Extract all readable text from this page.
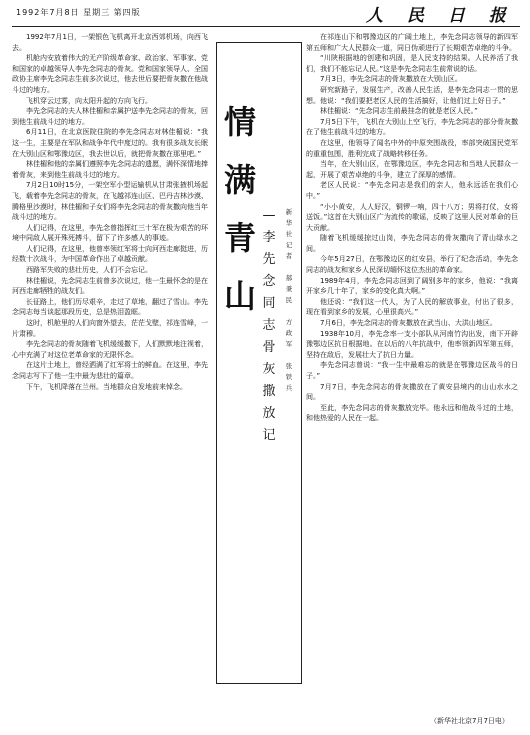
1992年7月8日 星期三 第四版	人 民 日 报

1992年7月1日，一架银色飞机离开北京西郊机场，向西飞去。

机舱内安放着伟大的无产阶级革命家、政治家、军事家、党和国家的卓越领导人李先念同志的骨灰。党和国家领导人、全国政协主席李先念同志生前多次说过，他去世后要把骨灰撒在他战斗过的地方。

飞机穿云过雾，向太阳升起的方向飞行。

李先念同志的夫人林佳楣和亲属护送李先念同志的骨灰，回到他生前战斗过的地方。

6月11日，在北京医院住院的李先念同志对林佳楣说：“我这一生，主要是在军队和战争年代中度过的。我有很多战友长眠在大别山区和鄂豫边区，我去世以后，就把骨灰撒在那里吧。”

林佳楣和他的亲属们遵照李先念同志的遗愿，满怀深情地捧着骨灰，来到他生前战斗过的地方。

7月2日10时15分，一架空军小型运输机从甘肃张掖机场起飞，载着李先念同志的骨灰，在飞越祁连山区、巴丹吉林沙漠、腾格里沙漠时，林佳楣和子女们将李先念同志的骨灰撒向他当年战斗过的地方。

人们记得，在这里，李先念曾指挥红三十军在极为艰苦的环境中同敌人展开殊死搏斗，留下了许多感人的事迹。

人们记得，在这里，他曾率领红军将士向河西走廊挺进，历经数十次战斗，为中国革命作出了卓越贡献。

西路军失败的悲壮历史，人们不会忘记。

林佳楣说，先念同志生前曾多次说过，他一生最怀念的是在河西走廊牺牲的战友们。

长征路上，他们历尽艰辛，走过了草地，翻过了雪山。李先念同志每当谈起那段历史，总是热泪盈眶。

这时，机舱里的人们向窗外望去，茫茫戈壁，祁连雪峰，一片肃穆。

李先念同志的骨灰随着飞机缓缓撒下，人们默默地注视着，心中充满了对这位老革命家的无限怀念。

在这片土地上，曾经洒满了红军将士的鲜血。在这里，李先念同志写下了他一生中最为悲壮的篇章。

下午，飞机降落在兰州。当地群众自发地前来悼念。

情
满
青
山
—
李
先
念
同
志
骨
灰
撒
放
记
新
华
社
记
者

郝
秉
民

方
政
军

张
铁
兵

在祁连山下和鄂豫边区的广阔土地上，李先念同志领导的新四军第五师和广大人民群众一道，同日伪顽进行了长期艰苦卓绝的斗争。

“川陕根据地的创建和巩固，是人民支持的结果。人民养活了我们，我们不能忘记人民。”这是李先念同志生前常说的话。

7月3日，李先念同志的骨灰撒放在大别山区。

研究新路子，发展生产，改善人民生活，是李先念同志一贯的思想。他说：“我们要把老区人民的生活搞好，让他们过上好日子。”

林佳楣说：“先念同志生前最挂念的就是老区人民。”

7月5日下午，飞机在大别山上空飞行，李先念同志的部分骨灰撒在了他生前战斗过的地方。

在这里，他领导了闻名中外的中原突围战役，率部突破国民党军的重重包围，胜利完成了战略转移任务。

当年，在大别山区，在鄂豫边区，李先念同志和当地人民群众一起，开展了艰苦卓绝的斗争，建立了深厚的感情。

老区人民说：“李先念同志是我们的亲人，他永远活在我们心中。”

“小小黄安，人人好汉，铜锣一响，四十八万；男将打仗，女将送饭。”这首在大别山区广为流传的歌谣，反映了这里人民对革命的巨大贡献。

随着飞机缓缓掠过山岗，李先念同志的骨灰撒向了青山绿水之间。

今年5月27日，在鄂豫边区的红安县，举行了纪念活动，李先念同志的战友和家乡人民深切缅怀这位杰出的革命家。

1989年4月，李先念同志回到了阔别多年的家乡，他说：“我离开家乡几十年了，家乡的变化真大啊。”

他还说：“我们这一代人，为了人民的解放事业，付出了很多，现在看到家乡的发展，心里很高兴。”

7月6日，李先念同志的骨灰撒放在武当山、大洪山地区。

1938年10月，李先念率一支小部队从河南竹沟出发，南下开辟豫鄂边区抗日根据地。在以后的八年抗战中，他率领新四军第五师，坚持在敌后，发展壮大了抗日力量。

李先念同志曾说：“我一生中最难忘的就是在鄂豫边区战斗的日子。”

7月7日，李先念同志的骨灰撒放在了黄安县境内的山山水水之间。

至此，李先念同志的骨灰撒放完毕。他永远和他战斗过的土地，和他热爱的人民在一起。

（新华社北京7月7日电）
